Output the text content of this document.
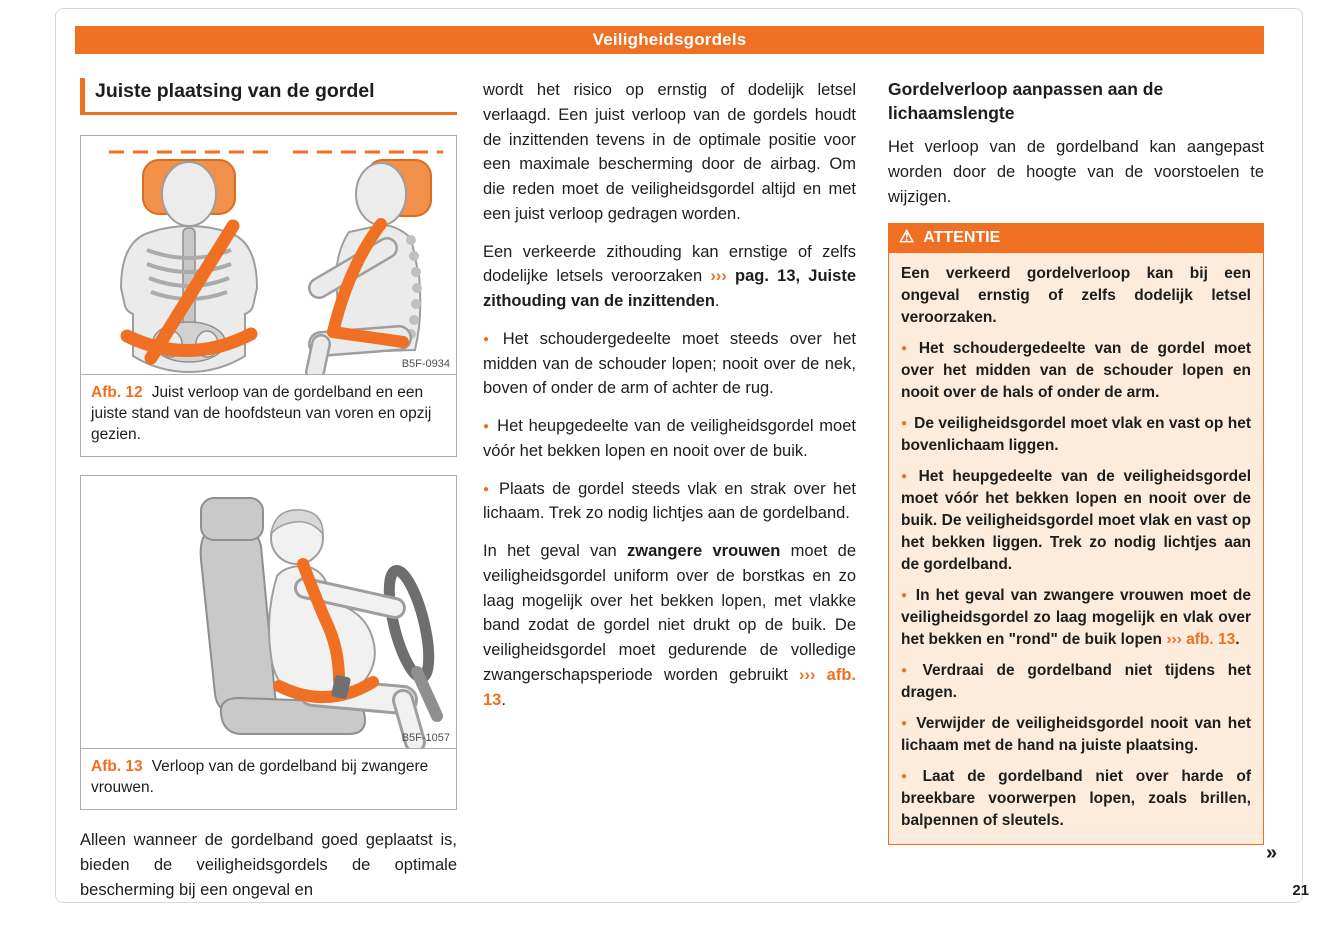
Veiligheidsgordels
Juiste plaatsing van de gordel
B5F-0934
Afb. 12 Juist verloop van de gordelband en een juiste stand van de hoofdsteun van voren en opzij gezien.
B5F-1057
Afb. 13 Verloop van de gordelband bij zwangere vrouwen.

Alleen wanneer de gordelband goed geplaatst is, bieden de veiligheidsgordels de optimale bescherming bij een ongeval en

wordt het risico op ernstig of dodelijk letsel verlaagd. Een juist verloop van de gordels houdt de inzittenden tevens in de optimale positie voor een maximale bescherming door de airbag. Om die reden moet de veiligheidsgordel altijd en met een juist verloop gedragen worden.

Een verkeerde zithouding kan ernstige of zelfs dodelijke letsels veroorzaken ››› pag. 13, Juiste zithouding van de inzittenden.

● Het schoudergedeelte moet steeds over het midden van de schouder lopen; nooit over de nek, boven of onder de arm of achter de rug.

● Het heupgedeelte van de veiligheidsgordel moet vóór het bekken lopen en nooit over de buik.

● Plaats de gordel steeds vlak en strak over het lichaam. Trek zo nodig lichtjes aan de gordelband.

In het geval van zwangere vrouwen moet de veiligheidsgordel uniform over de borstkas en zo laag mogelijk over het bekken lopen, met vlakke band zodat de gordel niet drukt op de buik. De veiligheidsgordel moet gedurende de volledige zwangerschapsperiode worden gebruikt ››› afb. 13.

Gordelverloop aanpassen aan de lichaamslengte

Het verloop van de gordelband kan aangepast worden door de hoogte van de voorstoelen te wijzigen.

⚠ ATTENTIE

Een verkeerd gordelverloop kan bij een ongeval ernstig of zelfs dodelijk letsel veroorzaken.

● Het schoudergedeelte van de gordel moet over het midden van de schouder lopen en nooit over de hals of onder de arm.

● De veiligheidsgordel moet vlak en vast op het bovenlichaam liggen.

● Het heupgedeelte van de veiligheidsgordel moet vóór het bekken lopen en nooit over de buik. De veiligheidsgordel moet vlak en vast op het bekken liggen. Trek zo nodig lichtjes aan de gordelband.

● In het geval van zwangere vrouwen moet de veiligheidsgordel zo laag mogelijk en vlak over het bekken en "rond" de buik lopen ››› afb. 13.

● Verdraai de gordelband niet tijdens het dragen.

● Verwijder de veiligheidsgordel nooit van het lichaam met de hand na juiste plaatsing.

● Laat de gordelband niet over harde of breekbare voorwerpen lopen, zoals brillen, balpennen of sleutels.

»
21
